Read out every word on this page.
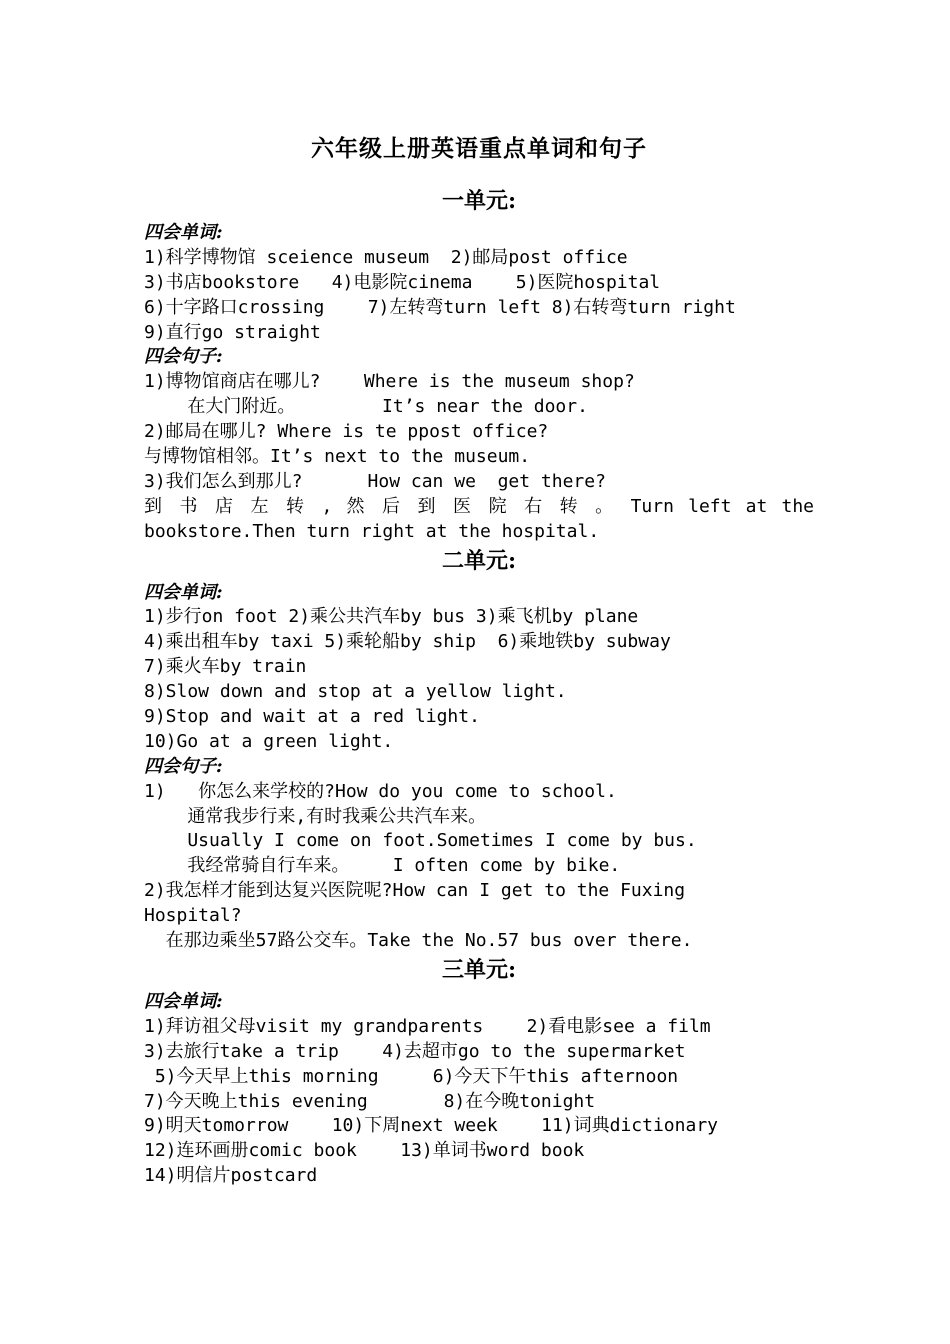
六年级上册英语重点单词和句子
一单元:
四会单词:
1)科学博物馆 sceience museum  2)邮局post office
3)书店bookstore   4)电影院cinema    5)医院hospital
6)十字路口crossing    7)左转弯turn left 8)右转弯turn right
9)直行go straight
四会句子:
1)博物馆商店在哪儿?    Where is the museum shop?
在大门附近。        It’s near the door.
2)邮局在哪儿? Where is te ppost office?
与博物馆相邻。It’s next to the museum.
3)我们怎么到那儿?      How can we  get there?
到 书 店 左 转 , 然 后 到 医 院 右 转 。 Turn left at the
bookstore.Then turn right at the hospital.
二单元:
四会单词:
1)步行on foot 2)乘公共汽车by bus 3)乘飞机by plane
4)乘出租车by taxi 5)乘轮船by ship  6)乘地铁by subway
7)乘火车by train
8)Slow down and stop at a yellow light.
9)Stop and wait at a red light.
10)Go at a green light.
四会句子:
1)   你怎么来学校的?How do you come to school.
通常我步行来,有时我乘公共汽车来。
Usually I come on foot.Sometimes I come by bus.
我经常骑自行车来。    I often come by bike.
2)我怎样才能到达复兴医院呢?How can I get to the Fuxing
Hospital?
在那边乘坐57路公交车。Take the No.57 bus over there.
三单元:
四会单词:
1)拜访祖父母visit my grandparents    2)看电影see a film
3)去旅行take a trip    4)去超市go to the supermarket
5)今天早上this morning     6)今天下午this afternoon
7)今天晚上this evening       8)在今晚tonight
9)明天tomorrow    10)下周next week    11)词典dictionary
12)连环画册comic book    13)单词书word book
14)明信片postcard
